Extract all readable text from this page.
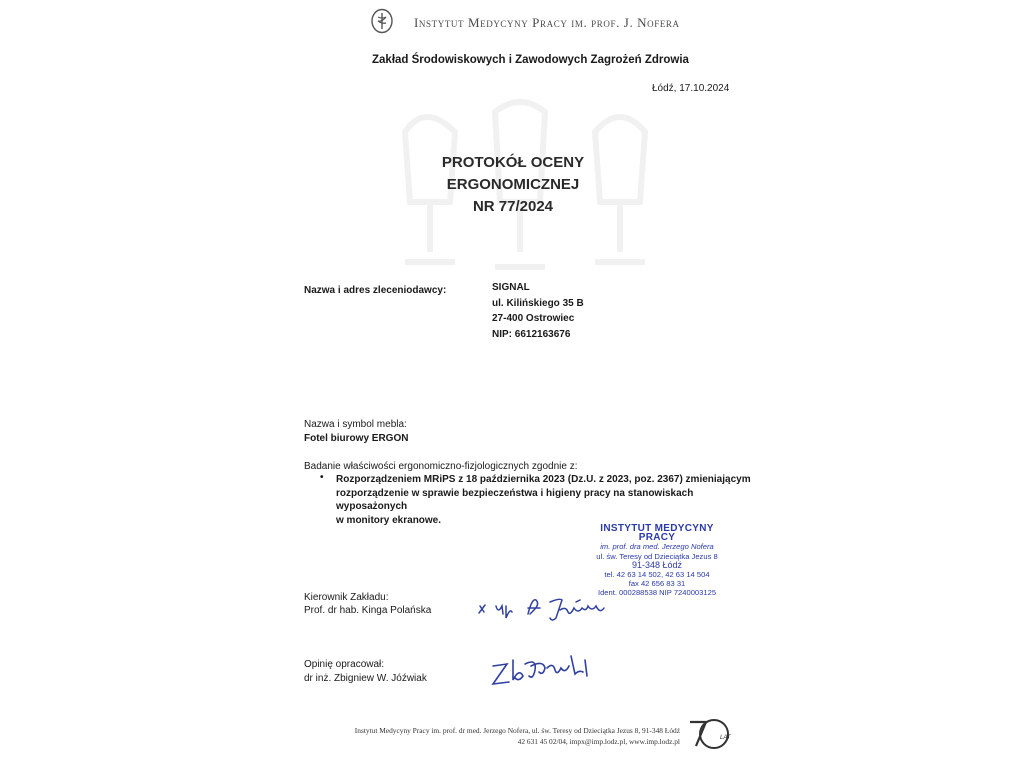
Instytut Medycyny Pracy im. prof. J. Nofera
Zakład Środowiskowych i Zawodowych Zagrożeń Zdrowia
Łódź, 17.10.2024
PROTOKÓŁ OCENY
ERGONOMICZNEJ
NR 77/2024
Nazwa i adres zleceniodawcy:	SIGNAL
ul. Kilińskiego 35 B
27-400 Ostrowiec
NIP: 6612163676
Nazwa i symbol mebla:
Fotel biurowy ERGON
Badanie właściwości ergonomiczno-fizjologicznych zgodnie z:
• Rozporządzeniem MRiPS z 18 października 2023 (Dz.U. z 2023, poz. 2367) zmieniającym
rozporządzenie w sprawie bezpieczeństwa i higieny pracy na stanowiskach wyposażonych
w monitory ekranowe.
INSTYTUT MEDYCYNY PRACY
im. prof. dra med. Jerzego Nofera
ul. św. Teresy od Dzieciątka Jezus 8
91-348 Łódź
tel. 42 63 14 502, 42 63 14 504
fax 42 656 83 31
Ident. 000288538 NIP 7240003125
Kierownik Zakładu:
Prof. dr hab. Kinga Polańska
Opinię opracował:
dr inż. Zbigniew W. Jóźwiak
Instytut Medycyny Pracy im. prof. dr med. Jerzego Nofera, ul. św. Teresy od Dzieciątka Jezus 8, 91-348 Łódź
42 631 45 02/04, impx@imp.lodz.pl, www.imp.lodz.pl	LAT
